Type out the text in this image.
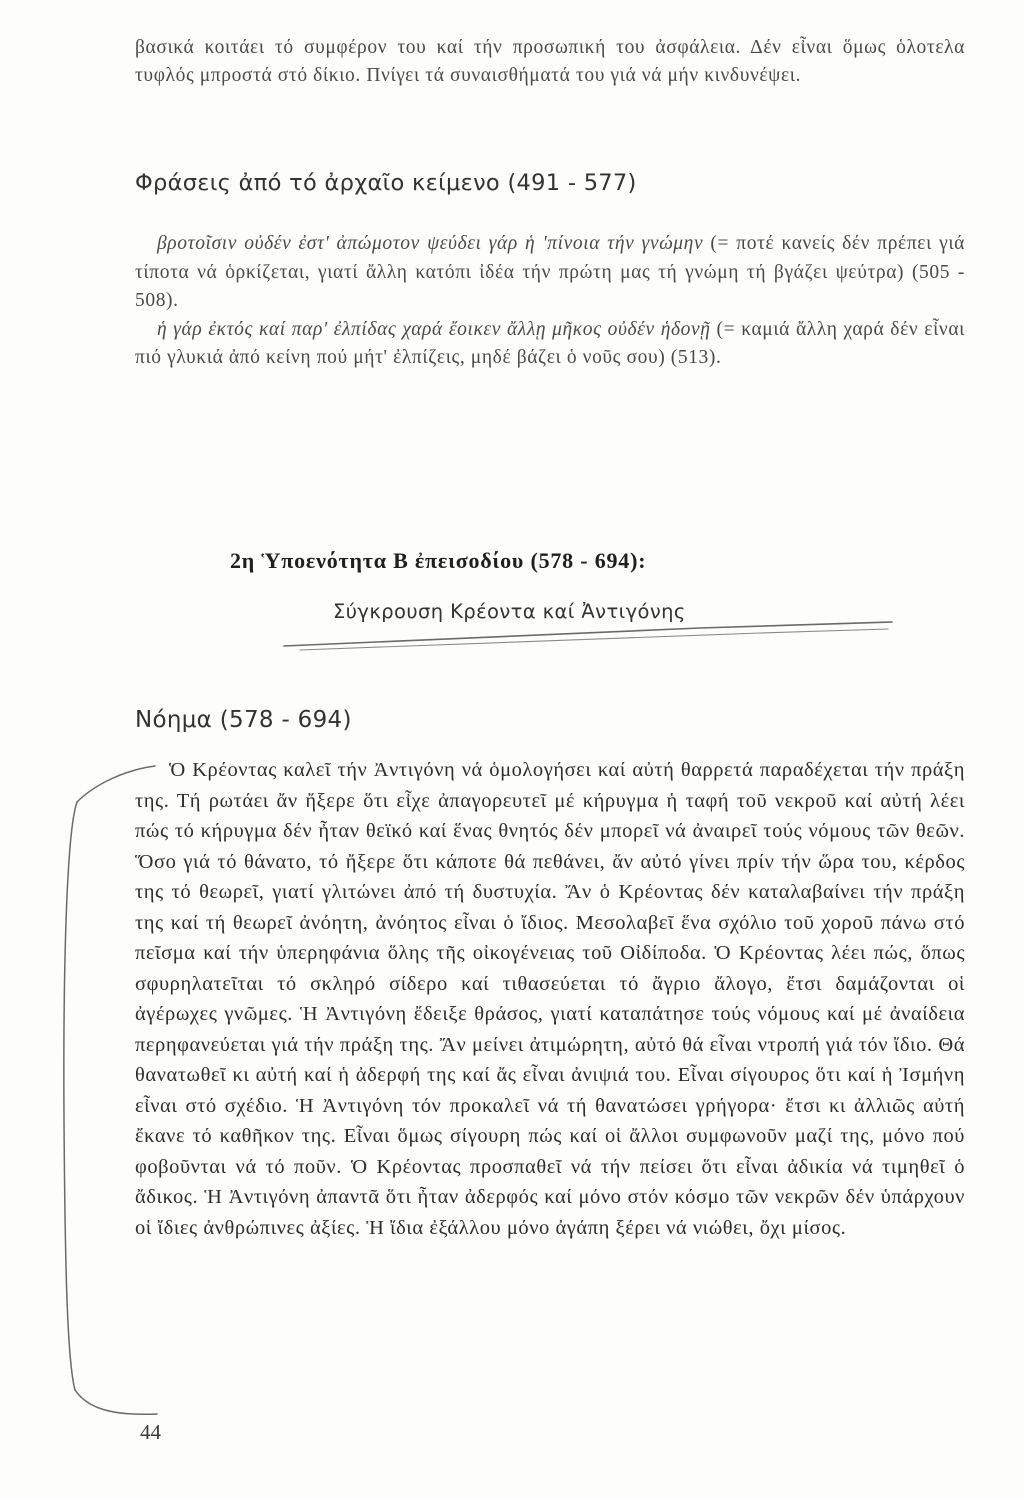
βασικά κοιτάει τό συμφέρον του καί τήν προσωπική του ἀσφάλεια. Δέν εἶναι ὅμως ὁλοτελα τυφλός μπροστά στό δίκιο. Πνίγει τά συναισθήματά του γιά νά μήν κινδυνέψει.

Φράσεις ἀπό τό ἀρχαῖο κείμενο (491 - 577)

βροτοῖσιν οὐδέν ἐστ' ἀπώμοτον ψεύδει γάρ ἡ 'πίνοια τήν γνώμην (= ποτέ κανείς δέν πρέπει γιά τίποτα νά ὁρκίζεται, γιατί ἄλλη κατόπι ἰδέα τήν πρώτη μας τή γνώμη τή βγάζει ψεύτρα) (505 - 508).

ἡ γάρ ἐκτός καί παρ' ἐλπίδας χαρά ἔοικεν ἄλλῃ μῆκος οὐδέν ἡδονῇ (= καμιά ἄλλη χαρά δέν εἶναι πιό γλυκιά ἀπό κείνη πού μήτ' ἐλπίζεις, μηδέ βάζει ὁ νοῦς σου) (513).

2η Ὑποενότητα Β ἐπεισοδίου (578 - 694):
Σύγκρουση Κρέοντα καί Ἀντιγόνης
Νόημα (578 - 694)

Ὁ Κρέοντας καλεῖ τήν Ἀντιγόνη νά ὁμολογήσει καί αὐτή θαρρετά παραδέχεται τήν πράξη της. Τή ρωτάει ἄν ἤξερε ὅτι εἶχε ἀπαγορευτεῖ μέ κήρυγμα ἡ ταφή τοῦ νεκροῦ καί αὐτή λέει πώς τό κήρυγμα δέν ἦταν θεϊκό καί ἕνας θνητός δέν μπορεῖ νά ἀναιρεῖ τούς νόμους τῶν θεῶν. Ὅσο γιά τό θάνατο, τό ἤξερε ὅτι κάποτε θά πεθάνει, ἄν αὐτό γίνει πρίν τήν ὥρα του, κέρδος της τό θεωρεῖ, γιατί γλιτώνει ἀπό τή δυστυχία. Ἄν ὁ Κρέοντας δέν καταλαβαίνει τήν πράξη της καί τή θεωρεῖ ἀνόητη, ἀνόητος εἶναι ὁ ἴδιος. Μεσολαβεῖ ἕνα σχόλιο τοῦ χοροῦ πάνω στό πεῖσμα καί τήν ὑπερηφάνια ὅλης τῆς οἰκογένειας τοῦ Οἰδίποδα. Ὁ Κρέοντας λέει πώς, ὅπως σφυρηλατεῖται τό σκληρό σίδερο καί τιθασεύεται τό ἄγριο ἄλογο, ἔτσι δαμάζονται οἱ ἀγέρωχες γνῶμες. Ἡ Ἀντιγόνη ἔδειξε θράσος, γιατί καταπάτησε τούς νόμους καί μέ ἀναίδεια περηφανεύεται γιά τήν πράξη της. Ἄν μείνει ἀτιμώρητη, αὐτό θά εἶναι ντροπή γιά τόν ἴδιο. Θά θανατωθεῖ κι αὐτή καί ἡ ἀδερφή της καί ἄς εἶναι ἀνιψιά του. Εἶναι σίγουρος ὅτι καί ἡ Ἰσμήνη εἶναι στό σχέδιο. Ἡ Ἀντιγόνη τόν προκαλεῖ νά τή θανατώσει γρήγορα· ἔτσι κι ἀλλιῶς αὐτή ἔκανε τό καθῆκον της. Εἶναι ὅμως σίγουρη πώς καί οἱ ἄλλοι συμφωνοῦν μαζί της, μόνο πού φοβοῦνται νά τό ποῦν. Ὁ Κρέοντας προσπαθεῖ νά τήν πείσει ὅτι εἶναι ἀδικία νά τιμηθεῖ ὁ ἄδικος. Ἡ Ἀντιγόνη ἀπαντᾶ ὅτι ἦταν ἀδερφός καί μόνο στόν κόσμο τῶν νεκρῶν δέν ὑπάρχουν οἱ ἴδιες ἀνθρώπινες ἀξίες. Ἡ ἴδια ἐξάλλου μόνο ἀγάπη ξέρει νά νιώθει, ὄχι μίσος.

44
